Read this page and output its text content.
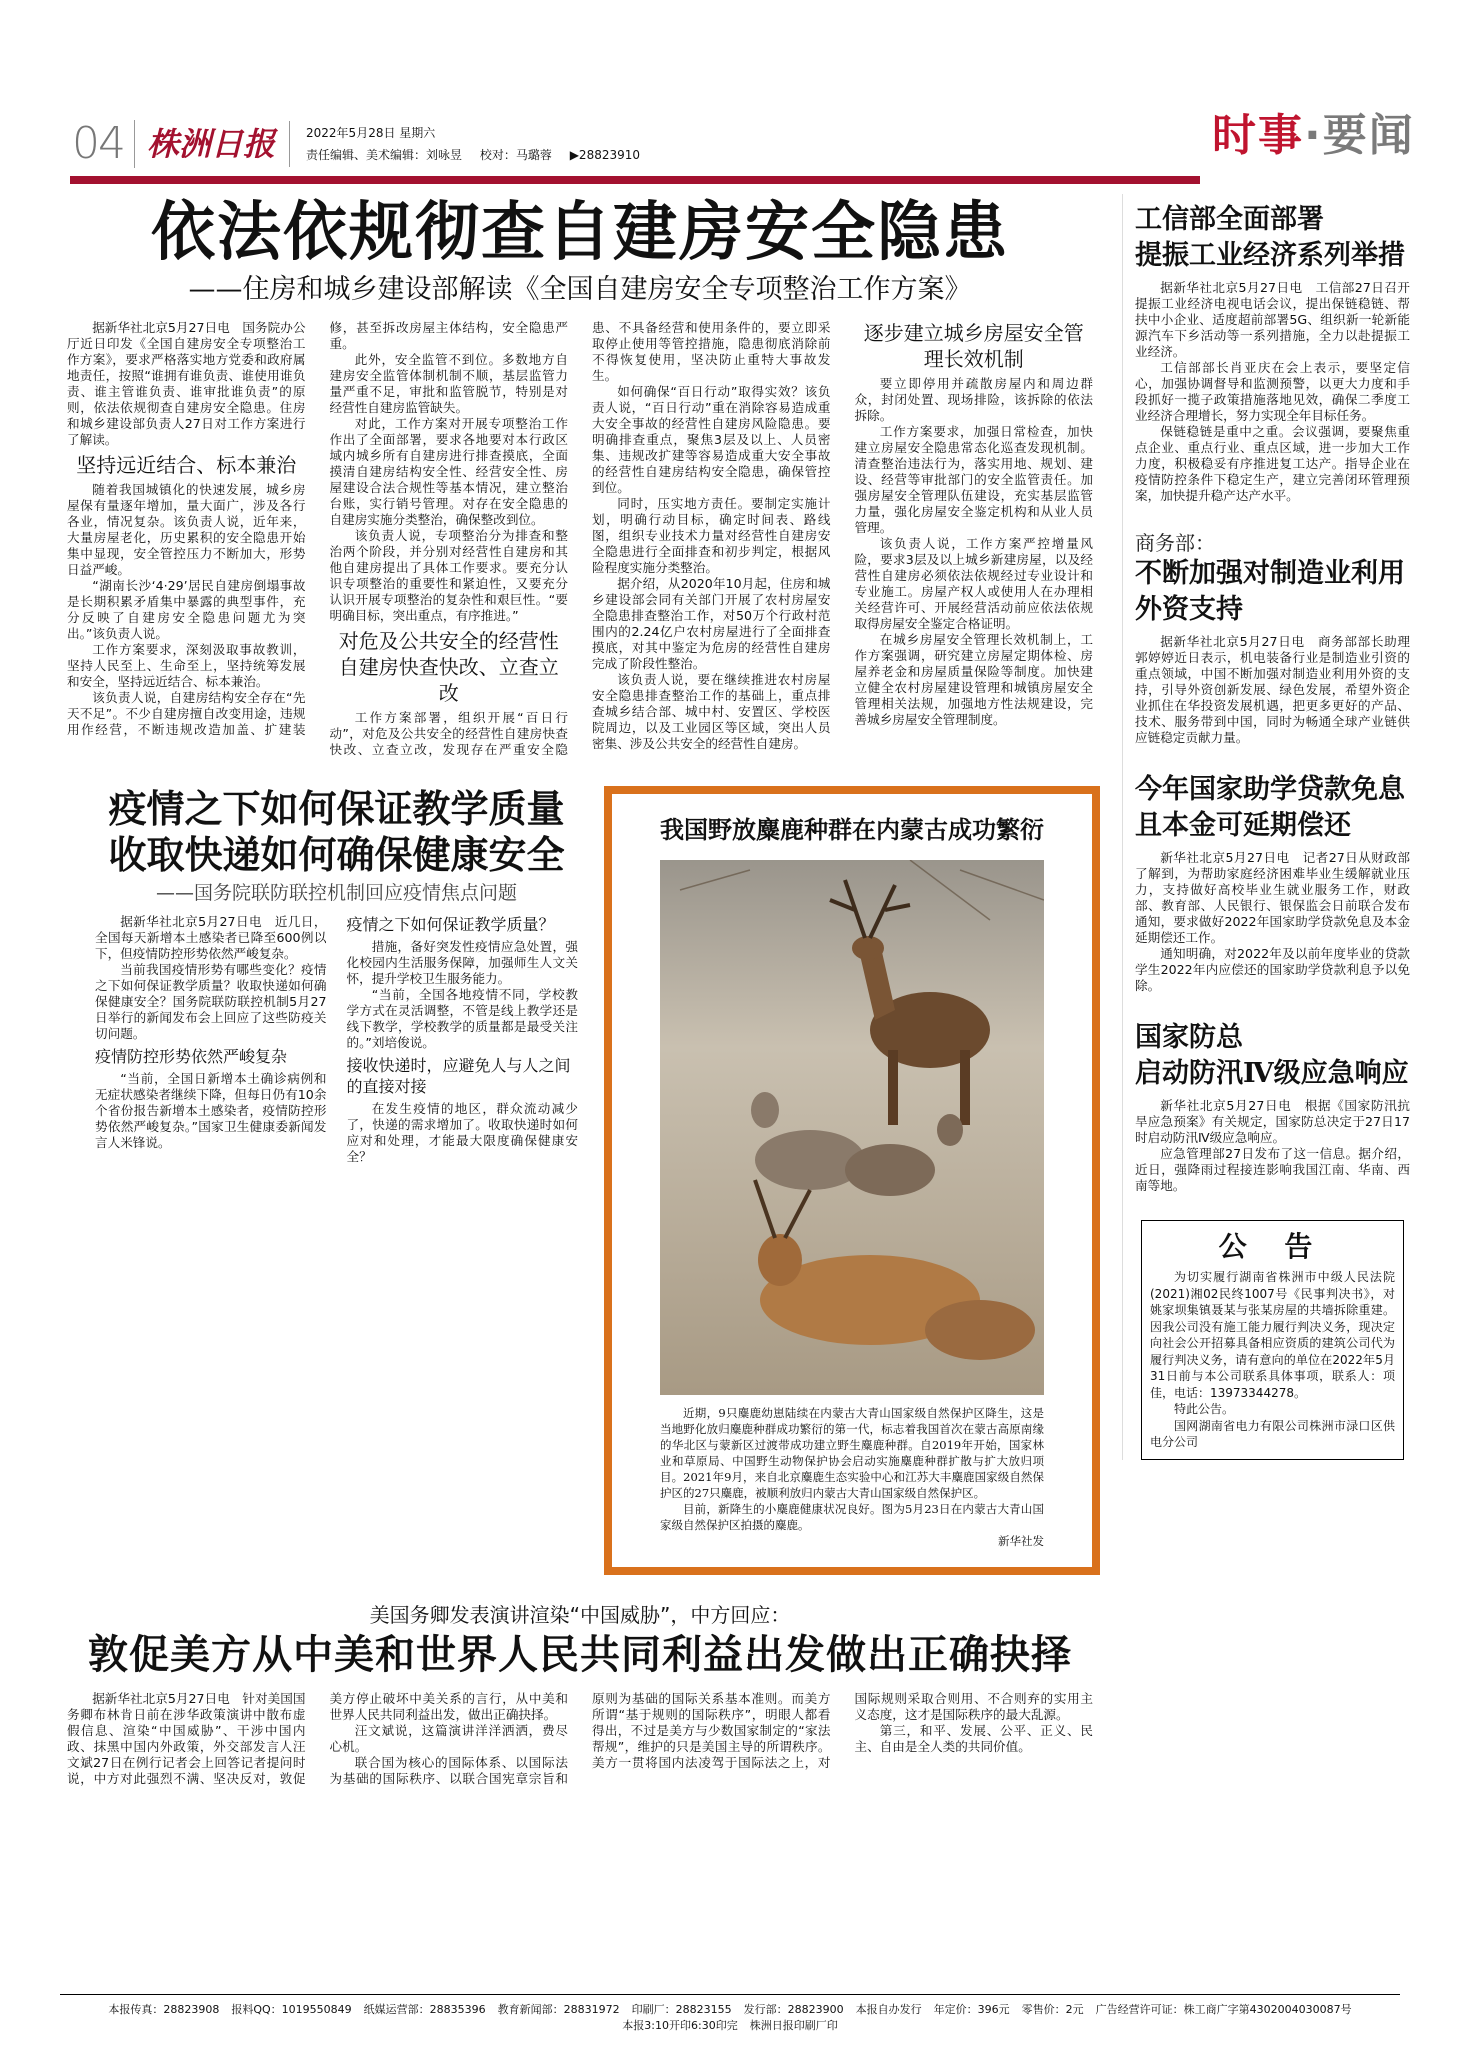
04 株洲日报	2022年5月28日 星期六
责任编辑、美术编辑：刘咏昱 校对：马璐蓉 ▶28823910	时事·要闻
依法依规彻查自建房安全隐患
——住房和城乡建设部解读《全国自建房安全专项整治工作方案》

据新华社北京5月27日电　国务院办公厅近日印发《全国自建房安全专项整治工作方案》，要求严格落实地方党委和政府属地责任，按照“谁拥有谁负责、谁使用谁负责、谁主管谁负责、谁审批谁负责”的原则，依法依规彻查自建房安全隐患。住房和城乡建设部负责人27日对工作方案进行了解读。

坚持远近结合、标本兼治

随着我国城镇化的快速发展，城乡房屋保有量逐年增加，量大面广，涉及各行各业，情况复杂。该负责人说，近年来，大量房屋老化，历史累积的安全隐患开始集中显现，安全管控压力不断加大，形势日益严峻。

“湖南长沙‘4·29’居民自建房倒塌事故是长期积累矛盾集中暴露的典型事件，充分反映了自建房安全隐患问题尤为突出。”该负责人说。

工作方案要求，深刻汲取事故教训，坚持人民至上、生命至上，坚持统筹发展和安全，坚持远近结合、标本兼治。

该负责人说，自建房结构安全存在“先天不足”。不少自建房擅自改变用途，违规用作经营，不断违规改造加盖、扩建装修，甚至拆改房屋主体结构，安全隐患严重。

此外，安全监管不到位。多数地方自建房安全监管体制机制不顺，基层监管力量严重不足，审批和监管脱节，特别是对经营性自建房监管缺失。

对此，工作方案对开展专项整治工作作出了全面部署，要求各地要对本行政区域内城乡所有自建房进行排查摸底，全面摸清自建房结构安全性、经营安全性、房屋建设合法合规性等基本情况，建立整治台账，实行销号管理。对存在安全隐患的自建房实施分类整治，确保整改到位。

该负责人说，专项整治分为排查和整治两个阶段，并分别对经营性自建房和其他自建房提出了具体工作要求。要充分认识专项整治的重要性和紧迫性，又要充分认识开展专项整治的复杂性和艰巨性。“要明确目标，突出重点，有序推进。”

对危及公共安全的经营性自建房快查快改、立查立改

工作方案部署，组织开展“百日行动”，对危及公共安全的经营性自建房快查快改、立查立改，发现存在严重安全隐患、不具备经营和使用条件的，要立即采取停止使用等管控措施，隐患彻底消除前不得恢复使用，坚决防止重特大事故发生。

如何确保“百日行动”取得实效？该负责人说，“百日行动”重在消除容易造成重大安全事故的经营性自建房风险隐患。要明确排查重点，聚焦3层及以上、人员密集、违规改扩建等容易造成重大安全事故的经营性自建房结构安全隐患，确保管控到位。

同时，压实地方责任。要制定实施计划，明确行动目标，确定时间表、路线图，组织专业技术力量对经营性自建房安全隐患进行全面排查和初步判定，根据风险程度实施分类整治。

据介绍，从2020年10月起，住房和城乡建设部会同有关部门开展了农村房屋安全隐患排查整治工作，对50万个行政村范围内的2.24亿户农村房屋进行了全面排查摸底，对其中鉴定为危房的经营性自建房完成了阶段性整治。

该负责人说，要在继续推进农村房屋安全隐患排查整治工作的基础上，重点排查城乡结合部、城中村、安置区、学校医院周边，以及工业园区等区域，突出人员密集、涉及公共安全的经营性自建房。

逐步建立城乡房屋安全管理长效机制

要立即停用并疏散房屋内和周边群众，封闭处置、现场排险，该拆除的依法拆除。

工作方案要求，加强日常检查，加快建立房屋安全隐患常态化巡查发现机制。清查整治违法行为，落实用地、规划、建设、经营等审批部门的安全监管责任。加强房屋安全管理队伍建设，充实基层监管力量，强化房屋安全鉴定机构和从业人员管理。

该负责人说，工作方案严控增量风险，要求3层及以上城乡新建房屋，以及经营性自建房必须依法依规经过专业设计和专业施工。房屋产权人或使用人在办理相关经营许可、开展经营活动前应依法依规取得房屋安全鉴定合格证明。

在城乡房屋安全管理长效机制上，工作方案强调，研究建立房屋定期体检、房屋养老金和房屋质量保险等制度。加快建立健全农村房屋建设管理和城镇房屋安全管理相关法规，加强地方性法规建设，完善城乡房屋安全管理制度。

疫情之下如何保证教学质量
收取快递如何确保健康安全
——国务院联防联控机制回应疫情焦点问题

据新华社北京5月27日电　近几日，全国每天新增本土感染者已降至600例以下，但疫情防控形势依然严峻复杂。

当前我国疫情形势有哪些变化？疫情之下如何保证教学质量？收取快递如何确保健康安全？国务院联防联控机制5月27日举行的新闻发布会上回应了这些防疫关切问题。

疫情防控形势依然严峻复杂

“当前，全国日新增本土确诊病例和无症状感染者继续下降，但每日仍有10余个省份报告新增本土感染者，疫情防控形势依然严峻复杂。”国家卫生健康委新闻发言人米锋说。

疫情之下如何保证教学质量？

措施，备好突发性疫情应急处置，强化校园内生活服务保障，加强师生人文关怀，提升学校卫生服务能力。

“当前，全国各地疫情不同，学校教学方式在灵活调整，不管是线上教学还是线下教学，学校教学的质量都是最受关注的。”刘培俊说。

接收快递时，应避免人与人之间的直接对接

在发生疫情的地区，群众流动减少了，快递的需求增加了。收取快递时如何应对和处理，才能最大限度确保健康安全？

我国野放麋鹿种群在内蒙古成功繁衍

近期，9只麋鹿幼崽陆续在内蒙古大青山国家级自然保护区降生，这是当地野化放归麋鹿种群成功繁衍的第一代，标志着我国首次在蒙古高原南缘的华北区与蒙新区过渡带成功建立野生麋鹿种群。自2019年开始，国家林业和草原局、中国野生动物保护协会启动实施麋鹿种群扩散与扩大放归项目。2021年9月，来自北京麋鹿生态实验中心和江苏大丰麋鹿国家级自然保护区的27只麋鹿，被顺利放归内蒙古大青山国家级自然保护区。

目前，新降生的小麋鹿健康状况良好。图为5月23日在内蒙古大青山国家级自然保护区拍摄的麋鹿。

新华社发
美国务卿发表演讲渲染“中国威胁”，中方回应：
敦促美方从中美和世界人民共同利益出发做出正确抉择

据新华社北京5月27日电　针对美国国务卿布林肯日前在涉华政策演讲中散布虚假信息、渲染“中国威胁”、干涉中国内政、抹黑中国内外政策，外交部发言人汪文斌27日在例行记者会上回答记者提问时说，中方对此强烈不满、坚决反对，敦促美方停止破坏中美关系的言行，从中美和世界人民共同利益出发，做出正确抉择。

汪文斌说，这篇演讲洋洋洒洒，费尽心机。

联合国为核心的国际体系、以国际法为基础的国际秩序、以联合国宪章宗旨和原则为基础的国际关系基本准则。而美方所谓“基于规则的国际秩序”，明眼人都看得出，不过是美方与少数国家制定的“家法帮规”，维护的只是美国主导的所谓秩序。美方一贯将国内法凌驾于国际法之上，对国际规则采取合则用、不合则弃的实用主义态度，这才是国际秩序的最大乱源。

第三，和平、发展、公平、正义、民主、自由是全人类的共同价值。

工信部全面部署
提振工业经济系列举措

据新华社北京5月27日电　工信部27日召开提振工业经济电视电话会议，提出保链稳链、帮扶中小企业、适度超前部署5G、组织新一轮新能源汽车下乡活动等一系列措施，全力以赴提振工业经济。

工信部部长肖亚庆在会上表示，要坚定信心，加强协调督导和监测预警，以更大力度和手段抓好一揽子政策措施落地见效，确保二季度工业经济合理增长，努力实现全年目标任务。

保链稳链是重中之重。会议强调，要聚焦重点企业、重点行业、重点区域，进一步加大工作力度，积极稳妥有序推进复工达产。指导企业在疫情防控条件下稳定生产，建立完善闭环管理预案，加快提升稳产达产水平。

商务部：
不断加强对制造业利用外资支持

据新华社北京5月27日电　商务部部长助理郭婷婷近日表示，机电装备行业是制造业引资的重点领域，中国不断加强对制造业利用外资的支持，引导外资创新发展、绿色发展，希望外资企业抓住在华投资发展机遇，把更多更好的产品、技术、服务带到中国，同时为畅通全球产业链供应链稳定贡献力量。

今年国家助学贷款免息且本金可延期偿还

新华社北京5月27日电　记者27日从财政部了解到，为帮助家庭经济困难毕业生缓解就业压力，支持做好高校毕业生就业服务工作，财政部、教育部、人民银行、银保监会日前联合发布通知，要求做好2022年国家助学贷款免息及本金延期偿还工作。

通知明确，对2022年及以前年度毕业的贷款学生2022年内应偿还的国家助学贷款利息予以免除。

国家防总
启动防汛Ⅳ级应急响应

新华社北京5月27日电　根据《国家防汛抗旱应急预案》有关规定，国家防总决定于27日17时启动防汛Ⅳ级应急响应。

应急管理部27日发布了这一信息。据介绍，近日，强降雨过程接连影响我国江南、华南、西南等地。

公 告

为切实履行湖南省株洲市中级人民法院(2021)湘02民终1007号《民事判决书》，对姚家坝集镇聂某与张某房屋的共墙拆除重建。因我公司没有施工能力履行判决义务，现决定向社会公开招募具备相应资质的建筑公司代为履行判决义务，请有意向的单位在2022年5月31日前与本公司联系具体事项，联系人：项佳，电话：13973344278。

特此公告。

国网湖南省电力有限公司株洲市渌口区供电分公司

本报传真：28823908 报料QQ：1019550849 纸媒运营部：28835396 教育新闻部：28831972 印刷厂：28823155 发行部：28823900 本报自办发行 年定价：396元 零售价：2元 广告经营许可证：株工商广字第4302004030087号本报3:10开印6:30印完 株洲日报印刷厂印
